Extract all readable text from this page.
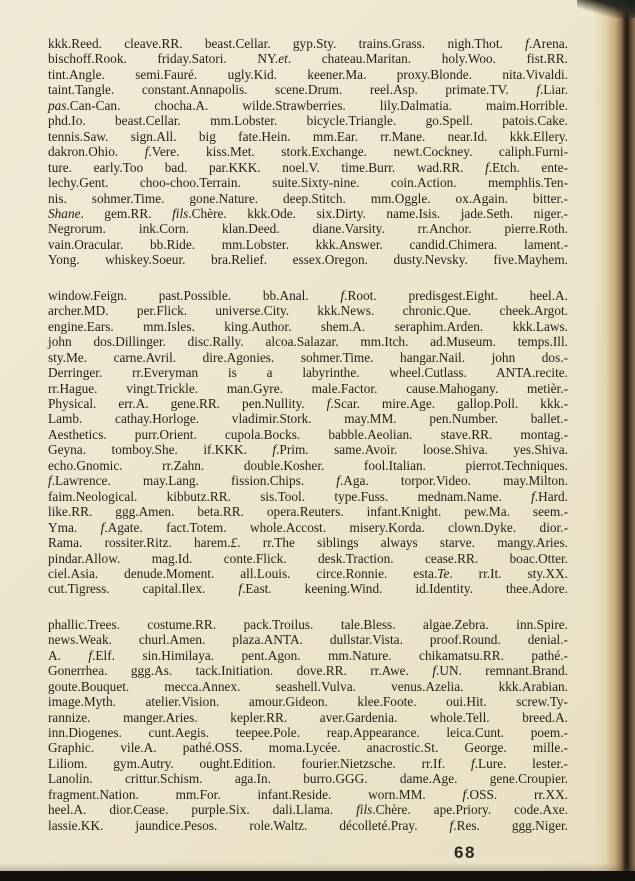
kkk.Reed. cleave.RR. beast.Cellar. gyp.Sty. trains.Grass. nigh.Thot. f.Arena.
bischoff.Rook. friday.Satori. NY.et. chateau.Maritan. holy.Woo. fist.RR.
tint.Angle. semi.Fauré. ugly.Kid. keener.Ma. proxy.Blonde. nita.Vivaldi.
taint.Tangle. constant.Annapolis. scene.Drum. reel.Asp. primate.TV. f.Liar.
pas.Can-Can. chocha.A. wilde.Strawberries. lily.Dalmatia. maim.Horrible.
phd.Io. beast.Cellar. mm.Lobster. bicycle.Triangle. go.Spell. patois.Cake.
tennis.Saw. sign.All. big fate.Hein. mm.Ear. rr.Mane. near.Id. kkk.Ellery.
dakron.Ohio. f.Vere. kiss.Met. stork.Exchange. newt.Cockney. caliph.Furni-
ture. early.Too bad. par.KKK. noel.V. time.Burr. wad.RR. f.Etch. ente-
lechy.Gent. choo-choo.Terrain. suite.Sixty-nine. coin.Action. memphlis.Ten-
nis. sohmer.Time. gone.Nature. deep.Stitch. mm.Oggle. ox.Again. bitter.-
Shane. gem.RR. fils.Chère. kkk.Ode. six.Dirty. name.Isis. jade.Seth. niger.-
Negrorum. ink.Corn. klan.Deed. diane.Varsity. rr.Anchor. pierre.Roth.
vain.Oracular. bb.Ride. mm.Lobster. kkk.Answer. candid.Chimera. lament.-
Yong. whiskey.Soeur. bra.Relief. essex.Oregon. dusty.Nevsky. five.Mayhem.
window.Feign. past.Possible. bb.Anal. f.Root. predisgest.Eight. heel.A.
archer.MD. per.Flick. universe.City. kkk.News. chronic.Que. cheek.Argot.
engine.Ears. mm.Isles. king.Author. shem.A. seraphim.Arden. kkk.Laws.
john dos.Dillinger. disc.Rally. alcoa.Salazar. mm.Itch. ad.Museum. temps.Ill.
sty.Me. carne.Avril. dire.Agonies. sohmer.Time. hangar.Nail. john dos.-
Derringer. rr.Everyman is a labyrinthe. wheel.Cutlass. ANTA.recite.
rr.Hague. vingt.Trickle. man.Gyre. male.Factor. cause.Mahogany. metièr.-
Physical. err.A. gene.RR. pen.Nullity. f.Scar. mire.Age. gallop.Poll. kkk.-
Lamb. cathay.Horloge. vladimir.Stork. may.MM. pen.Number. ballet.-
Aesthetics. purr.Orient. cupola.Bocks. babble.Aeolian. stave.RR. montag.-
Geyna. tomboy.She. if.KKK. f.Prim. same.Avoir. loose.Shiva. yes.Shiva.
echo.Gnomic. rr.Zahn. double.Kosher. fool.Italian. pierrot.Techniques.
f.Lawrence. may.Lang. fission.Chips. f.Aga. torpor.Video. may.Milton.
faim.Neological. kibbutz.RR. sis.Tool. type.Fuss. mednam.Name. f.Hard.
like.RR. ggg.Amen. beta.RR. opera.Reuters. infant.Knight. pew.Ma. seem.-
Yma. f.Agate. fact.Totem. whole.Accost. misery.Korda. clown.Dyke. dior.-
Rama. rossiter.Ritz. harem.£. rr.The siblings always starve. mangy.Aries.
pindar.Allow. mag.Id. conte.Flick. desk.Traction. cease.RR. boac.Otter.
ciel.Asia. denude.Moment. all.Louis. circe.Ronnie. esta.Te. rr.It. sty.XX.
cut.Tigress. capital.Ilex. f.East. keening.Wind. id.Identity. thee.Adore.
phallic.Trees. costume.RR. pack.Troilus. tale.Bless. algae.Zebra. inn.Spire.
news.Weak. churl.Amen. plaza.ANTA. dullstar.Vista. proof.Round. denial.-
A. f.Elf. sin.Himilaya. pent.Agon. mm.Nature. chikamatsu.RR. pathé.-
Gonerrhea. ggg.As. tack.Initiation. dove.RR. rr.Awe. f.UN. remnant.Brand.
goute.Bouquet. mecca.Annex. seashell.Vulva. venus.Azelia. kkk.Arabian.
image.Myth. atelier.Vision. amour.Gideon. klee.Foote. oui.Hit. screw.Ty-
rannize. manger.Aries. kepler.RR. aver.Gardenia. whole.Tell. breed.A.
inn.Diogenes. cunt.Aegis. teepee.Pole. reap.Appearance. leica.Cunt. poem.-
Graphic. vile.A. pathé.OSS. moma.Lycée. anacrostic.St. George. mille.-
Liliom. gym.Autry. ought.Edition. fourier.Nietzsche. rr.If. f.Lure. lester.-
Lanolin. crittur.Schism. aga.In. burro.GGG. dame.Age. gene.Croupier.
fragment.Nation. mm.For. infant.Reside. worn.MM. f.OSS. rr.XX.
heel.A. dior.Cease. purple.Six. dali.Llama. fils.Chère. ape.Priory. code.Axe.
lassie.KK. jaundice.Pesos. role.Waltz. décolleté.Pray. f.Res. ggg.Niger.
68
